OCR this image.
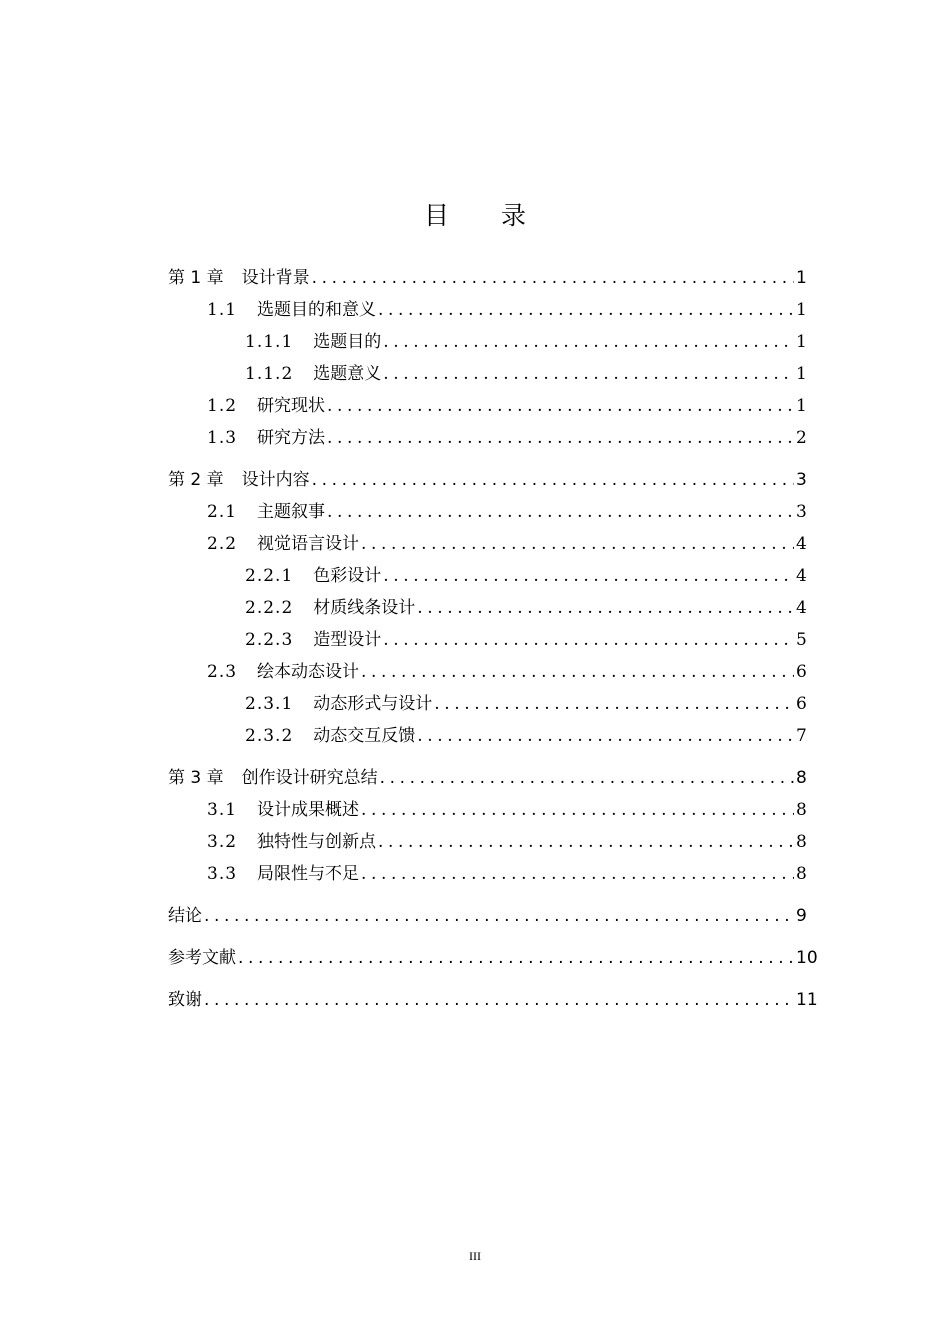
目 录
第 1 章 设计背景 .....	1
1.1 选题目的和意义 .....	1
1.1.1 选题目的 .....	1
1.1.2 选题意义 .....	1
1.2 研究现状 .....	1
1.3 研究方法 .....	2
第 2 章 设计内容 .....	3
2.1 主题叙事 .....	3
2.2 视觉语言设计 .....	4
2.2.1 色彩设计 .....	4
2.2.2 材质线条设计 .....	4
2.2.3 造型设计 .....	5
2.3 绘本动态设计 .....	6
2.3.1 动态形式与设计 .....	6
2.3.2 动态交互反馈 .....	7
第 3 章 创作设计研究总结 .....	8
3.1 设计成果概述 .....	8
3.2 独特性与创新点 .....	8
3.3 局限性与不足 .....	8
结论 .....	9
参考文献 .....	10
致谢 .....	11
III
